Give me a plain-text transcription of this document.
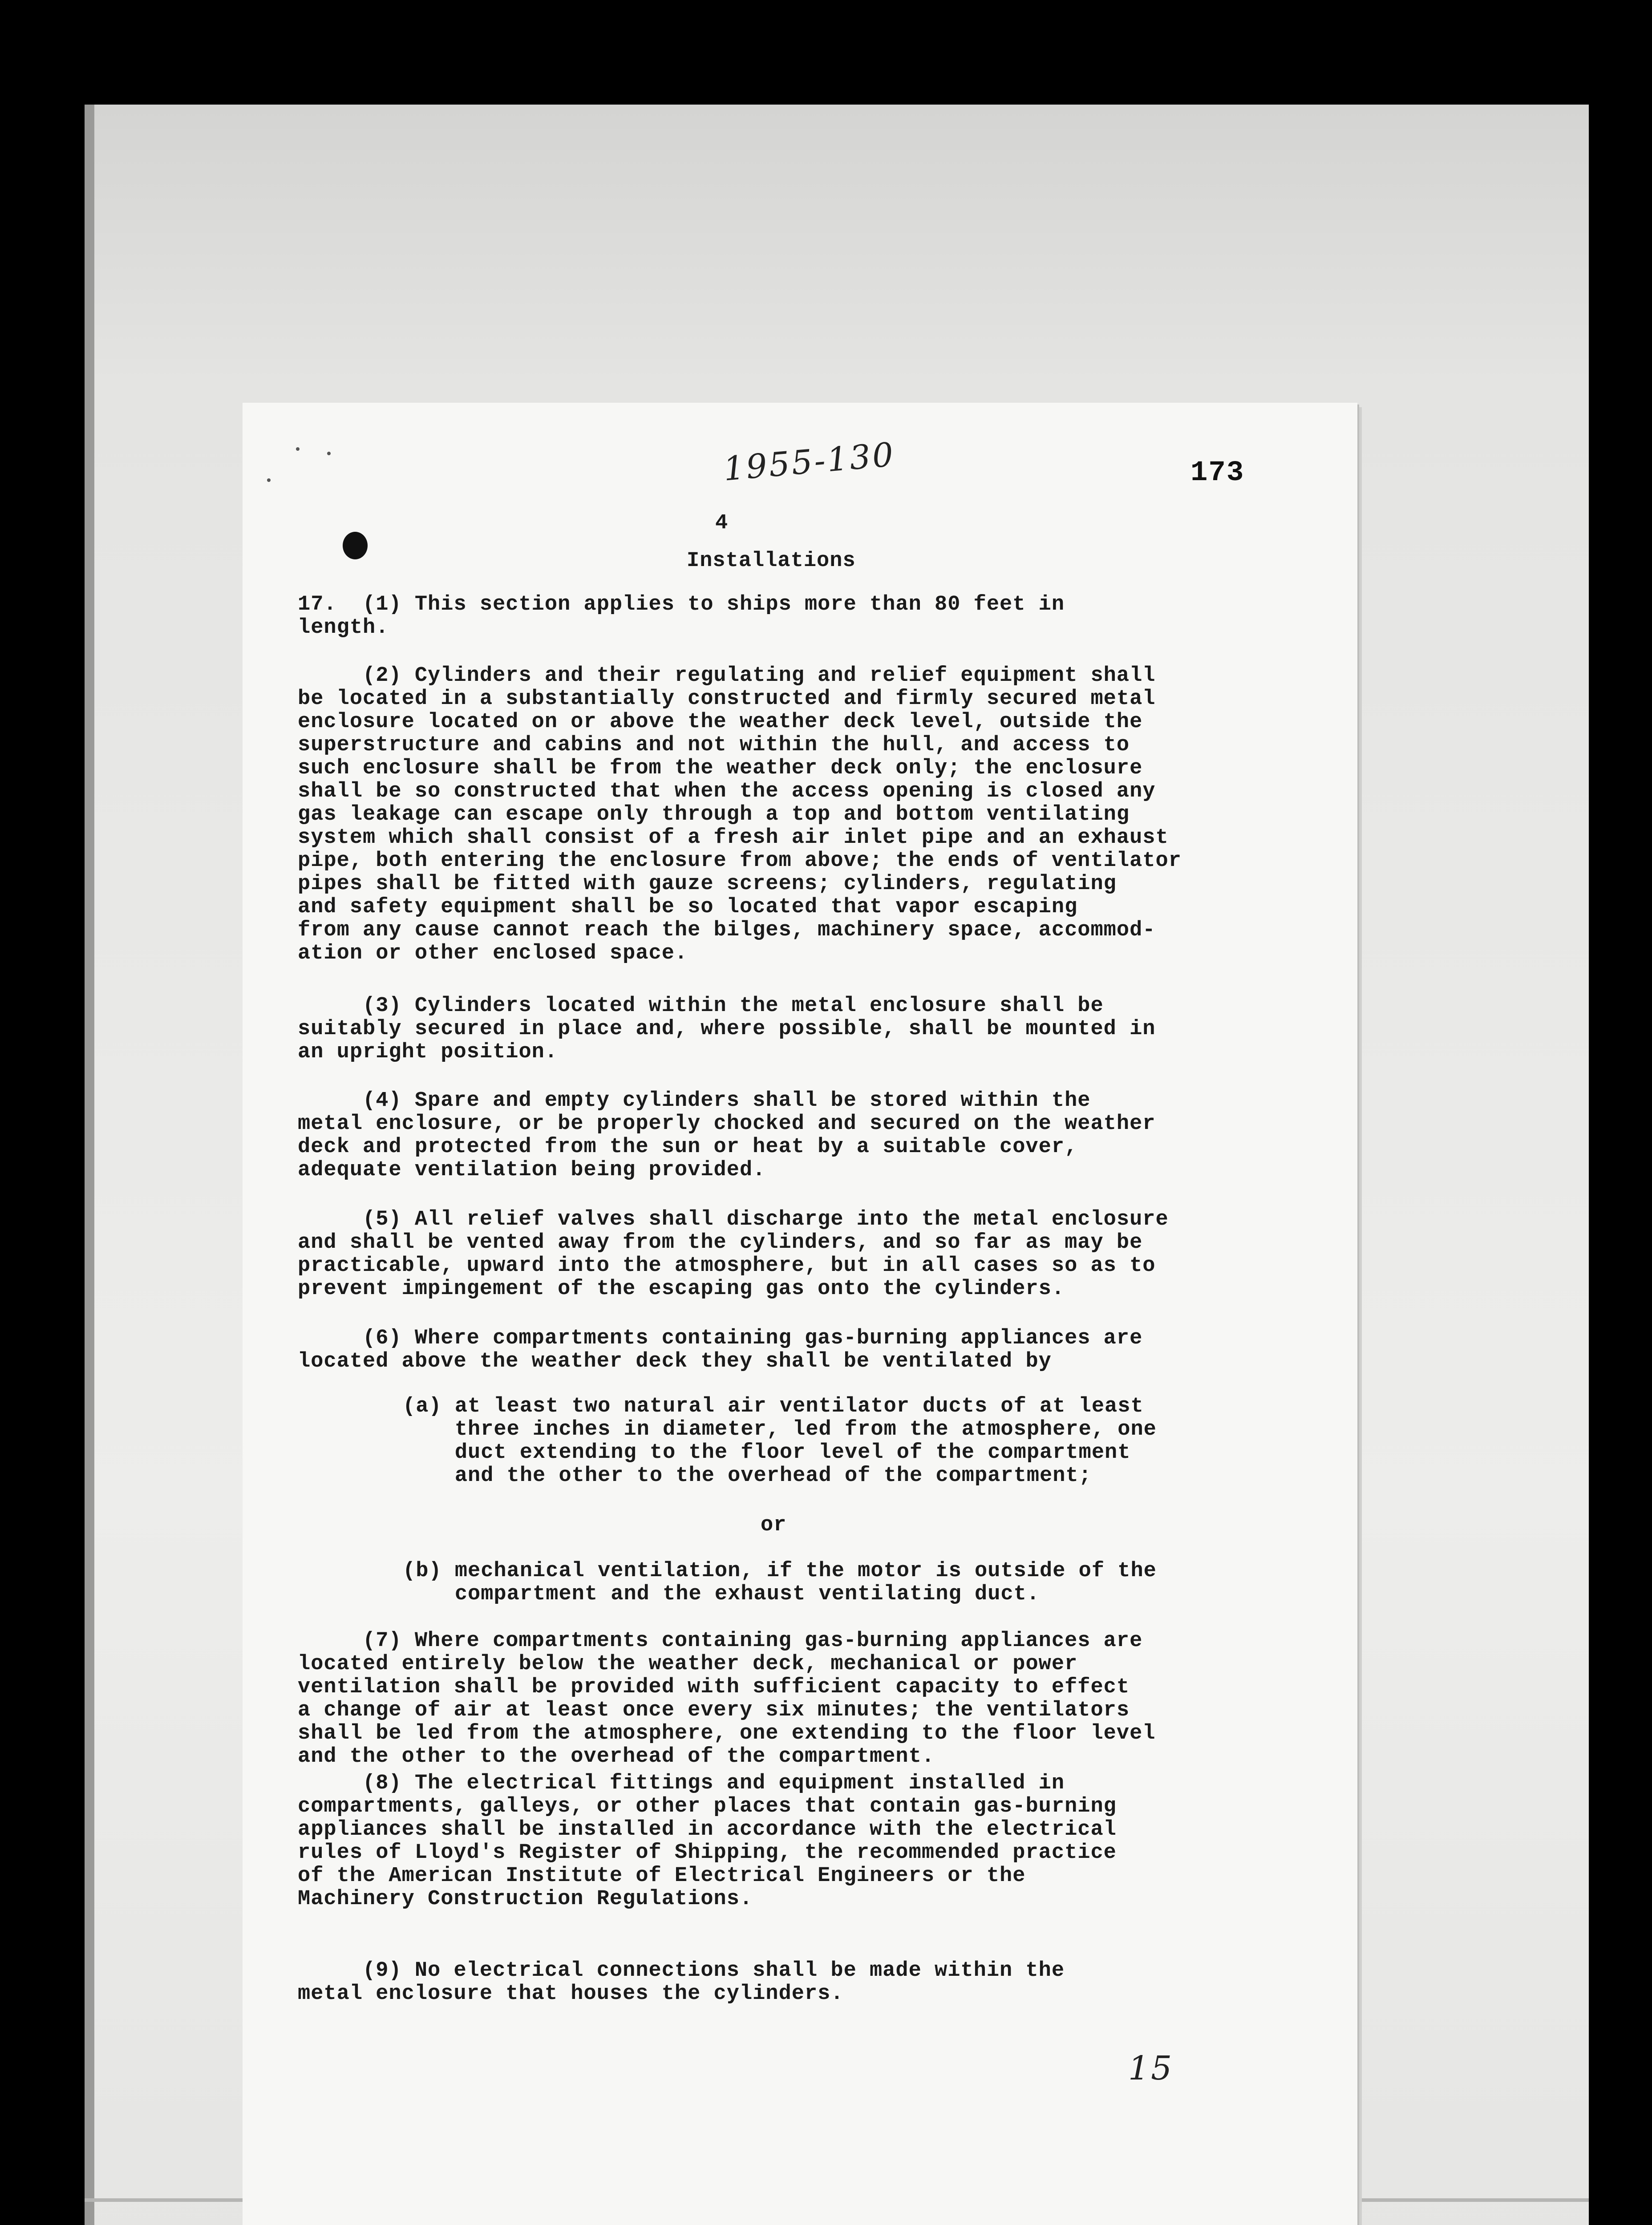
1955-130	173
4
Installations
17.  (1) This section applies to ships more than 80 feet in
length.
(2) Cylinders and their regulating and relief equipment shall
be located in a substantially constructed and firmly secured metal
enclosure located on or above the weather deck level, outside the
superstructure and cabins and not within the hull, and access to
such enclosure shall be from the weather deck only; the enclosure
shall be so constructed that when the access opening is closed any
gas leakage can escape only through a top and bottom ventilating
system which shall consist of a fresh air inlet pipe and an exhaust
pipe, both entering the enclosure from above; the ends of ventilator
pipes shall be fitted with gauze screens; cylinders, regulating
and safety equipment shall be so located that vapor escaping
from any cause cannot reach the bilges, machinery space, accommod-
ation or other enclosed space.
(3) Cylinders located within the metal enclosure shall be
suitably secured in place and, where possible, shall be mounted in
an upright position.
(4) Spare and empty cylinders shall be stored within the
metal enclosure, or be properly chocked and secured on the weather
deck and protected from the sun or heat by a suitable cover,
adequate ventilation being provided.
(5) All relief valves shall discharge into the metal enclosure
and shall be vented away from the cylinders, and so far as may be
practicable, upward into the atmosphere, but in all cases so as to
prevent impingement of the escaping gas onto the cylinders.
(6) Where compartments containing gas-burning appliances are
located above the weather deck they shall be ventilated by
(a) at least two natural air ventilator ducts of at least
three inches in diameter, led from the atmosphere, one
duct extending to the floor level of the compartment
and the other to the overhead of the compartment;
or
(b) mechanical ventilation, if the motor is outside of the
compartment and the exhaust ventilating duct.
(7) Where compartments containing gas-burning appliances are
located entirely below the weather deck, mechanical or power
ventilation shall be provided with sufficient capacity to effect
a change of air at least once every six minutes; the ventilators
shall be led from the atmosphere, one extending to the floor level
and the other to the overhead of the compartment.
(8) The electrical fittings and equipment installed in
compartments, galleys, or other places that contain gas-burning
appliances shall be installed in accordance with the electrical
rules of Lloyd's Register of Shipping, the recommended practice
of the American Institute of Electrical Engineers or the
Machinery Construction Regulations.
(9) No electrical connections shall be made within the
metal enclosure that houses the cylinders.
15
